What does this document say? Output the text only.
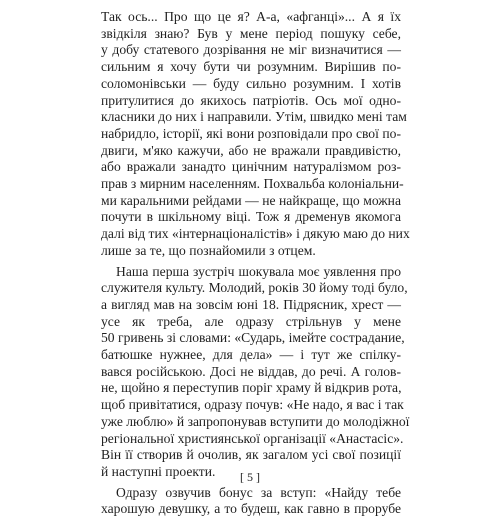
Так ось... Про що це я? А-а, «афганці»... А я їх
звідкіля знаю? Був у мене період пошуку себе,
у добу статевого дозрівання не міг визначитися —
сильним я хочу бути чи розумним. Вирішив по-
соломонівськи — буду сильно розумним. І хотів
притулитися до якихось патріотів. Ось мої одно-
класники до них і направили. Утім, швидко мені там
набридло, історії, які вони розповідали про свої по-
двиги, м'яко кажучи, або не вражали правдивістю,
або вражали занадто цинічним натуралізмом роз-
прав з мирним населенням. Похвальба колоніальни-
ми каральними рейдами — не найкраще, що можна
почути в шкільному віці. Тож я дременув якомога
далі від тих «інтернаціоналістів» і дякую маю до них
лише за те, що познайомили з отцем.
Наша перша зустріч шокувала моє уявлення про
служителя культу. Молодий, років 30 йому тоді було,
а вигляд мав на зовсім юні 18. Підрясник, хрест —
усе як треба, але одразу стрільнув у мене
50 гривень зі словами: «Сударь, імейте сострадание,
батюшке нужнее, для дела» — і тут же спілку-
вався російською. Досі не віддав, до речі. А голов-
не, щойно я переступив поріг храму й відкрив рота,
щоб привітатися, одразу почув: «Не надо, я вас і так
уже люблю» й запропонував вступити до молодіжної
регіональної християнської організації «Анастасіс».
Він її створив й очолив, як загалом усі свої позиції
й наступні проекти.
Одразу озвучив бонус за вступ: «Найду тебе
харошую девушку, а то будеш, как гавно в прорубе
[ 5 ]
